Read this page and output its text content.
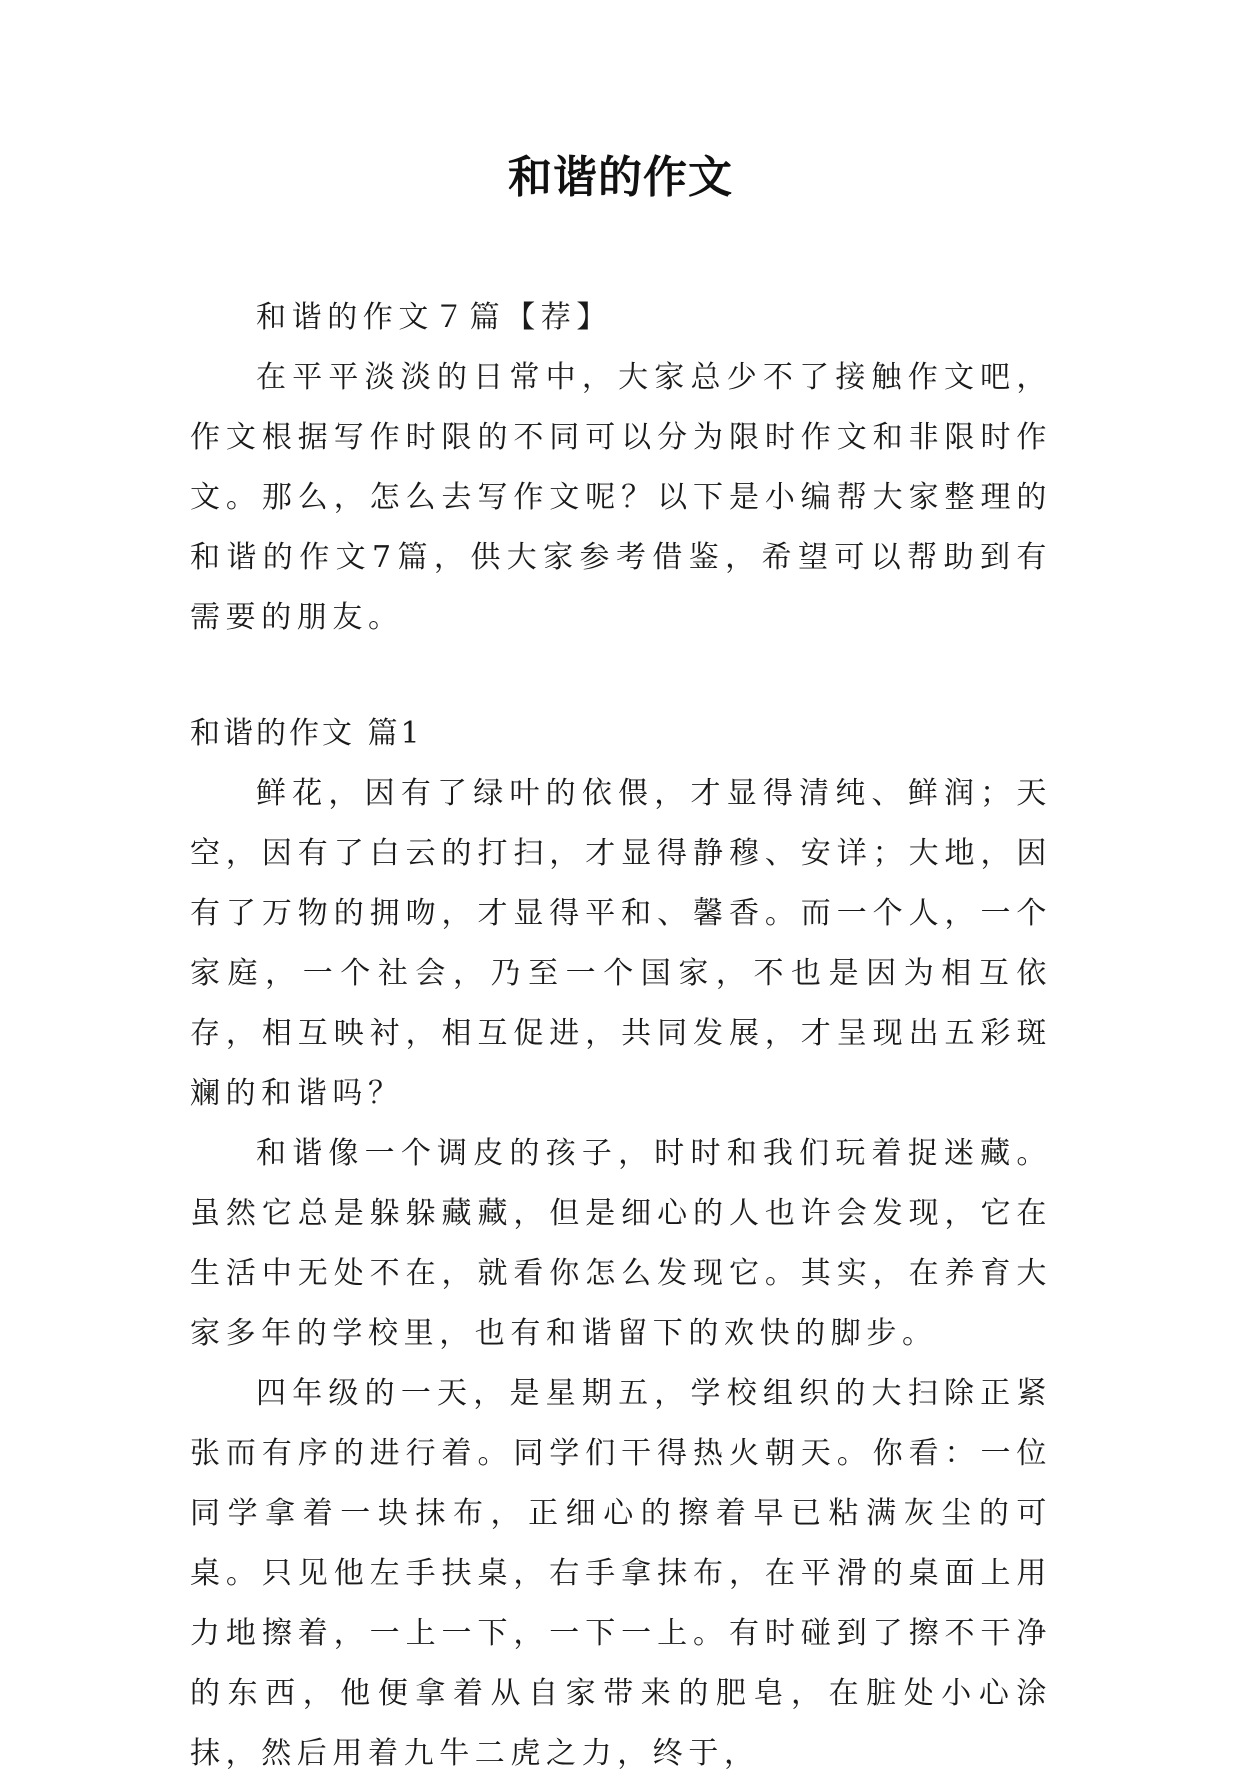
和谐的作文

和谐的作文７篇【荐】

在平平淡淡的日常中，大家总少不了接触作文吧，作文根据写作时限的不同可以分为限时作文和非限时作文。那么，怎么去写作文呢？以下是小编帮大家整理的和谐的作文7篇，供大家参考借鉴，希望可以帮助到有需要的朋友。

和谐的作文 篇1

鲜花，因有了绿叶的依偎，才显得清纯、鲜润；天空，因有了白云的打扫，才显得静穆、安详；大地，因有了万物的拥吻，才显得平和、馨香。而一个人，一个家庭，一个社会，乃至一个国家，不也是因为相互依存，相互映衬，相互促进，共同发展，才呈现出五彩斑斓的和谐吗？

和谐像一个调皮的孩子，时时和我们玩着捉迷藏。虽然它总是躲躲藏藏，但是细心的人也许会发现，它在生活中无处不在，就看你怎么发现它。其实，在养育大家多年的学校里，也有和谐留下的欢快的脚步。

四年级的一天，是星期五，学校组织的大扫除正紧张而有序的进行着。同学们干得热火朝天。你看：一位同学拿着一块抹布，正细心的擦着早已粘满灰尘的可桌。只见他左手扶桌，右手拿抹布，在平滑的桌面上用力地擦着，一上一下，一下一上。有时碰到了擦不干净的东西，他便拿着从自家带来的肥皂，在脏处小心涂抹，然后用着九牛二虎之力，终于，
